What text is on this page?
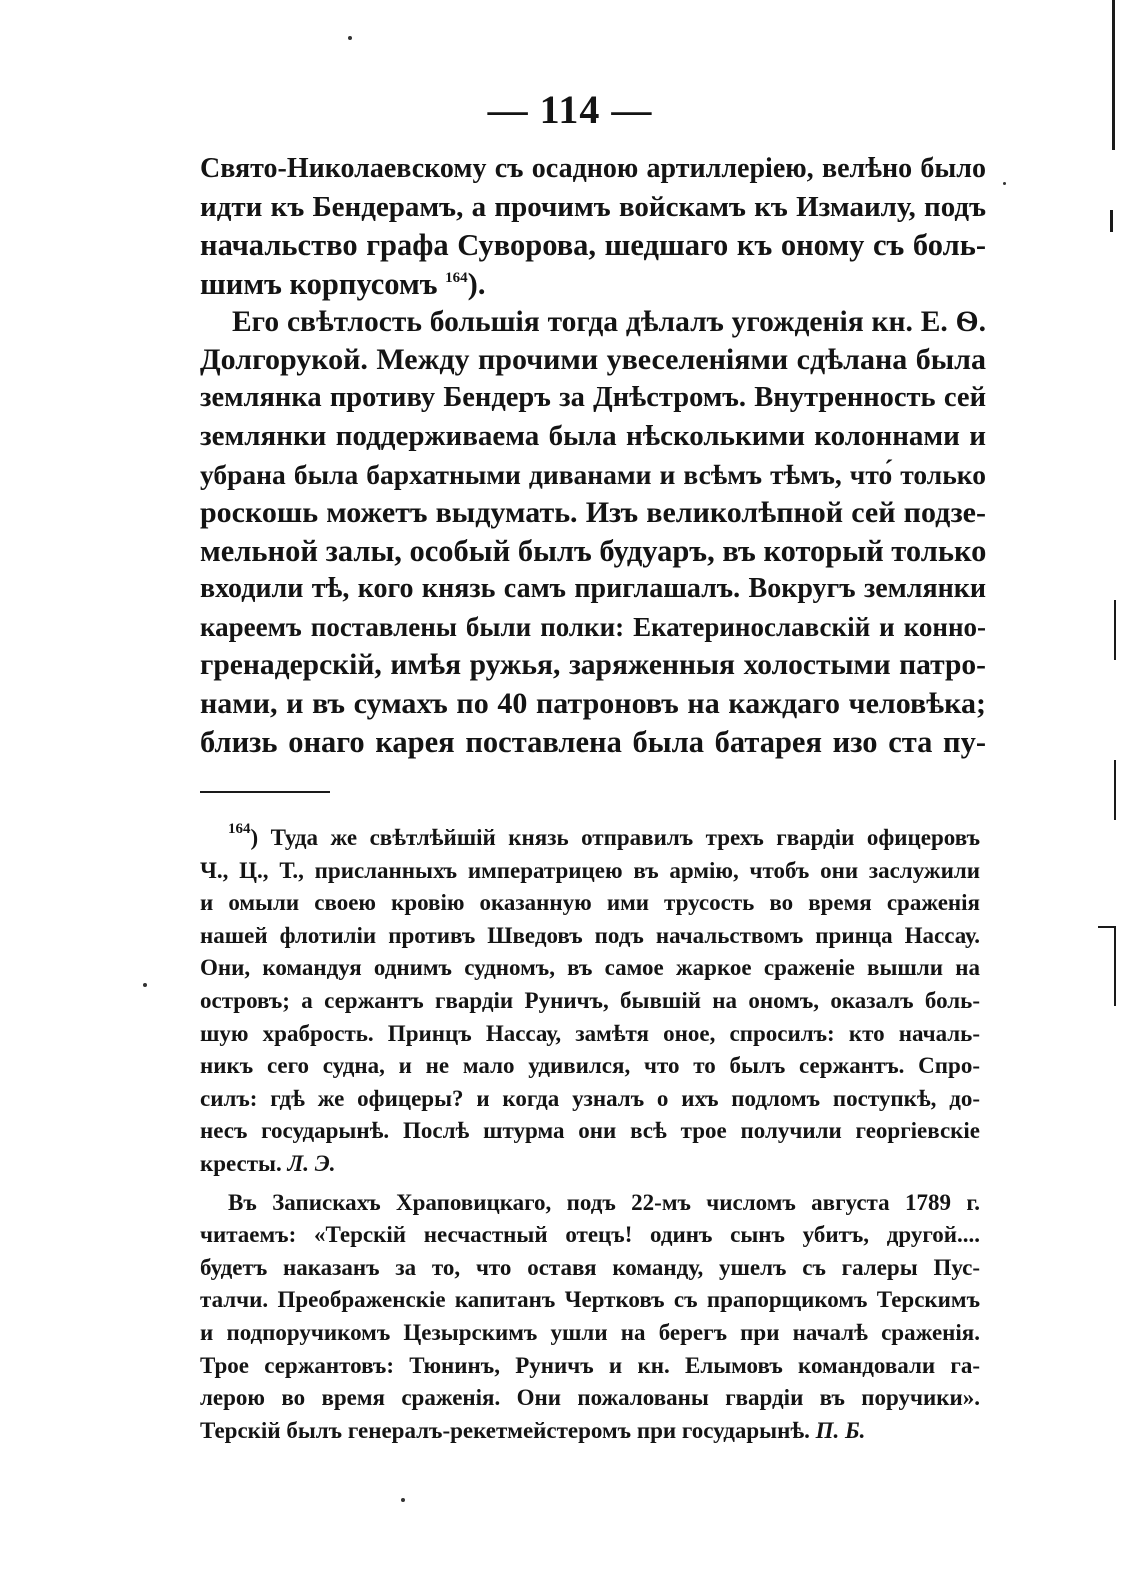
— 114 —
Свято-Николаевскому съ осадною артиллеріею, велѣно было
идти къ Бендерамъ, а прочимъ войскамъ къ Измаилу, подъ
начальство графа Суворова, шедшаго къ оному съ боль-
шимъ корпусомъ $^{164}$).
Его свѣтлость большія тогда дѣлалъ угожденія кн. Е. Ѳ.
Долгорукой. Между прочими увеселеніями сдѣлана была
землянка противу Бендеръ за Днѣстромъ. Внутренность сей
землянки поддерживаема была нѣсколькими колоннами и
убрана была бархатными диванами и всѣмъ тѣмъ, что́ только
роскошь можетъ выдумать. Изъ великолѣпной сей подзе-
мельной залы, особый былъ будуаръ, въ который только
входили тѣ, кого князь самъ приглашалъ. Вокругъ землянки
кареемъ поставлены были полки: Екатеринославскій и конно-
гренадерскій, имѣя ружья, заряженныя холостыми патро-
нами, и въ сумахъ по 40 патроновъ на каждаго человѣка;
близь онаго карея поставлена была батарея изо ста пу-
$^{164}$) Туда же свѣтлѣйшій князь отправилъ трехъ гвардіи офицеровъ
Ч., Ц., Т., присланныхъ императрицею въ армію, чтобъ они заслужили
и омыли своею кровію оказанную ими трусость во время сраженія
нашей флотиліи противъ Шведовъ подъ начальствомъ принца Нассау.
Они, командуя однимъ судномъ, въ самое жаркое сраженіе вышли на
островъ; а сержантъ гвардіи Руничъ, бывшій на ономъ, оказалъ боль-
шую храбрость. Принцъ Нассау, замѣтя оное, спросилъ: кто началь-
никъ сего судна, и не мало удивился, что то былъ сержантъ. Спро-
силъ: гдѣ же офицеры? и когда узналъ о ихъ подломъ поступкѣ, до-
несъ государынѣ. Послѣ штурма они всѣ трое получили георгіевскіе
кресты. Л. Э.
Въ Запискахъ Храповицкаго, подъ 22-мъ числомъ августа 1789 г.
читаемъ: «Терскій несчастный отецъ! одинъ сынъ убитъ, другой....
будетъ наказанъ за то, что оставя команду, ушелъ съ галеры Пус-
талчи. Преображенскіе капитанъ Чертковъ съ прапорщикомъ Терскимъ
и подпоручикомъ Цезырскимъ ушли на берегъ при началѣ сраженія.
Трое сержантовъ: Тюнинъ, Руничъ и кн. Елымовъ командовали га-
лерою во время сраженія. Они пожалованы гвардіи въ поручики».
Терскій былъ генералъ-рекетмейстеромъ при государынѣ. П. Б.
